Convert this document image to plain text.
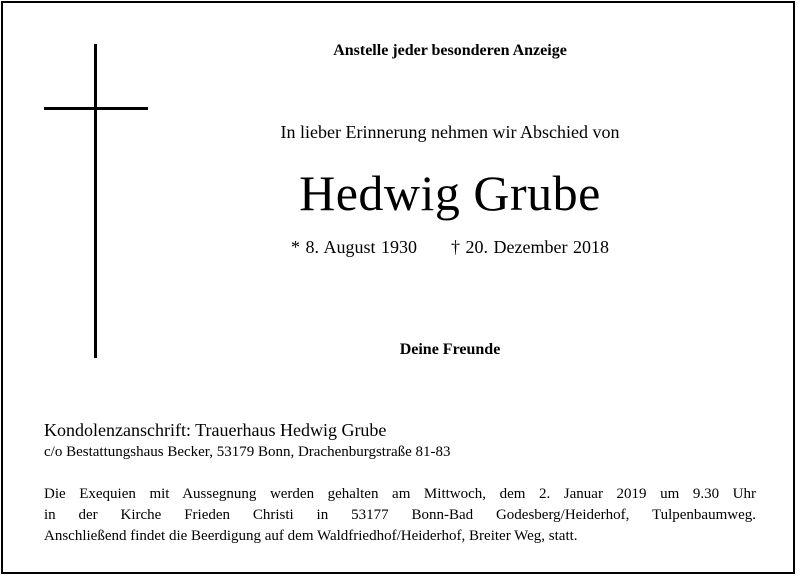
Anstelle jeder besonderen Anzeige
In lieber Erinnerung nehmen wir Abschied von
Hedwig Grube
* 8. August 1930 † 20. Dezember 2018
Deine Freunde
Kondolenzanschrift: Trauerhaus Hedwig Grube
c/o Bestattungshaus Becker, 53179 Bonn, Drachenburgstraße 81-83
Die Exequien mit Aussegnung werden gehalten am Mittwoch, dem 2. Januar 2019 um 9.30 Uhr
in der Kirche Frieden Christi in 53177 Bonn-Bad Godesberg/Heiderhof, Tulpenbaumweg.
Anschließend findet die Beerdigung auf dem Waldfriedhof/Heiderhof, Breiter Weg, statt.
